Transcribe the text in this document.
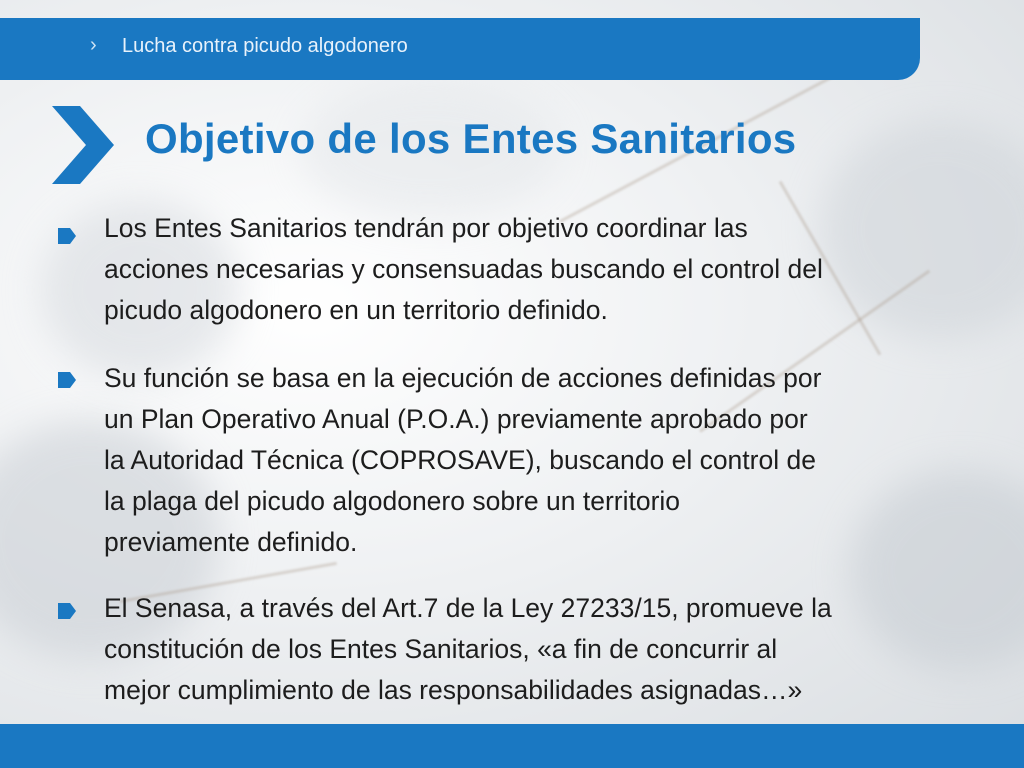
› Lucha contra picudo algodonero
Objetivo de los Entes Sanitarios

Los Entes Sanitarios tendrán por objetivo coordinar las
acciones necesarias y consensuadas buscando el control del
picudo algodonero en un territorio definido.

Su función se basa en la ejecución de acciones definidas por
un Plan Operativo Anual (P.O.A.) previamente aprobado por
la Autoridad Técnica (COPROSAVE), buscando el control de
la plaga del picudo algodonero sobre un territorio
previamente definido.

El Senasa, a través del Art.7 de la Ley 27233/15, promueve la
constitución de los Entes Sanitarios, «a fin de concurrir al
mejor cumplimiento de las responsabilidades asignadas…»
